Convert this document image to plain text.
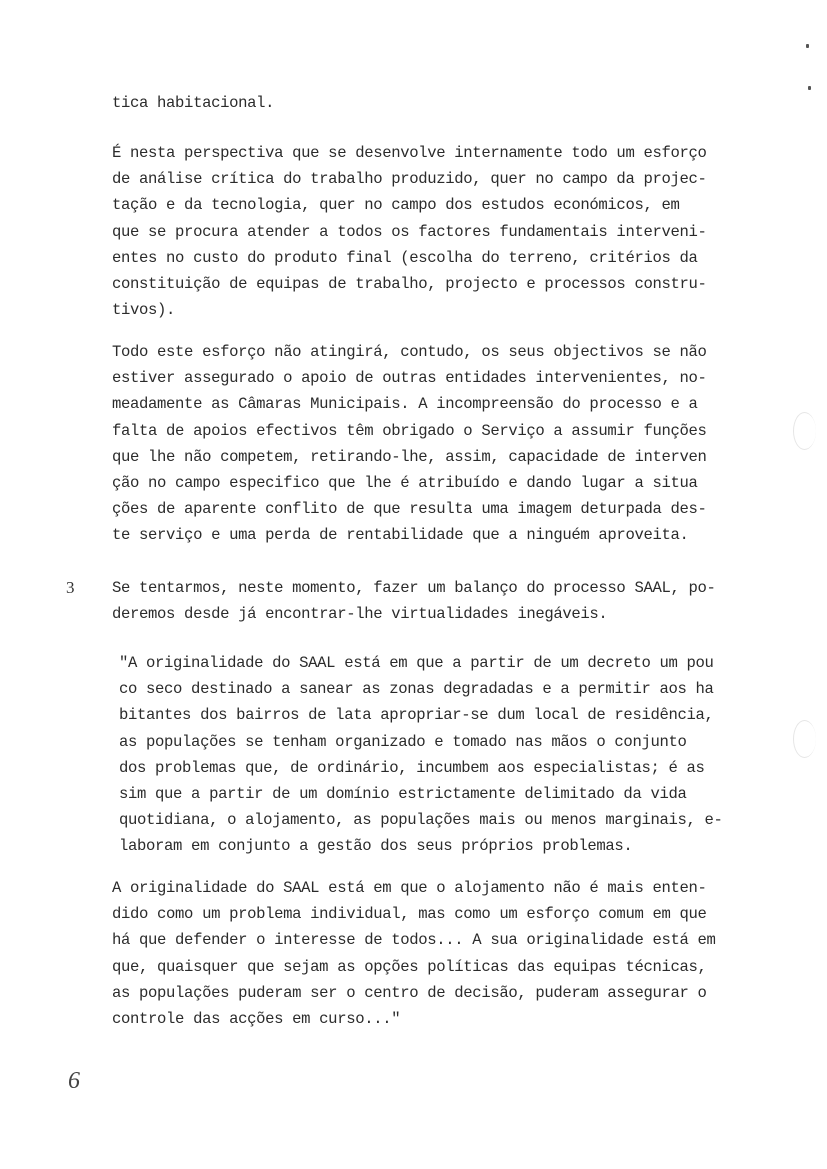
tica habitacional.
É nesta perspectiva que se desenvolve internamente todo um esforço
de análise crítica do trabalho produzido, quer no campo da projec-
tação e da tecnologia, quer no campo dos estudos económicos, em
que se procura atender a todos os factores fundamentais interveni-
entes no custo do produto final (escolha do terreno, critérios da
constituição de equipas de trabalho, projecto e processos constru-
tivos).
Todo este esforço não atingirá, contudo, os seus objectivos se não
estiver assegurado o apoio de outras entidades intervenientes, no-
meadamente as Câmaras Municipais. A incompreensão do processo e a
falta de apoios efectivos têm obrigado o Serviço a assumir funções
que lhe não competem, retirando-lhe, assim, capacidade de interven
ção no campo especifico que lhe é atribuído e dando lugar a situa
ções de aparente conflito de que resulta uma imagem deturpada des-
te serviço e uma perda de rentabilidade que a ninguém aproveita.
Se tentarmos, neste momento, fazer um balanço do processo SAAL, po-
deremos desde já encontrar-lhe virtualidades inegáveis.
"A originalidade do SAAL está em que a partir de um decreto um pou
co seco destinado a sanear as zonas degradadas e a permitir aos ha
bitantes dos bairros de lata apropriar-se dum local de residência,
as populações se tenham organizado e tomado nas mãos o conjunto
dos problemas que, de ordinário, incumbem aos especialistas; é as
sim que a partir de um domínio estrictamente delimitado da vida
quotidiana, o alojamento, as populações mais ou menos marginais, e-
laboram em conjunto a gestão dos seus próprios problemas.
A originalidade do SAAL está em que o alojamento não é mais enten-
dido como um problema individual, mas como um esforço comum em que
há que defender o interesse de todos... A sua originalidade está em
que, quaisquer que sejam as opções políticas das equipas técnicas,
as populações puderam ser o centro de decisão, puderam assegurar o
controle das acções em curso..."
3
6
